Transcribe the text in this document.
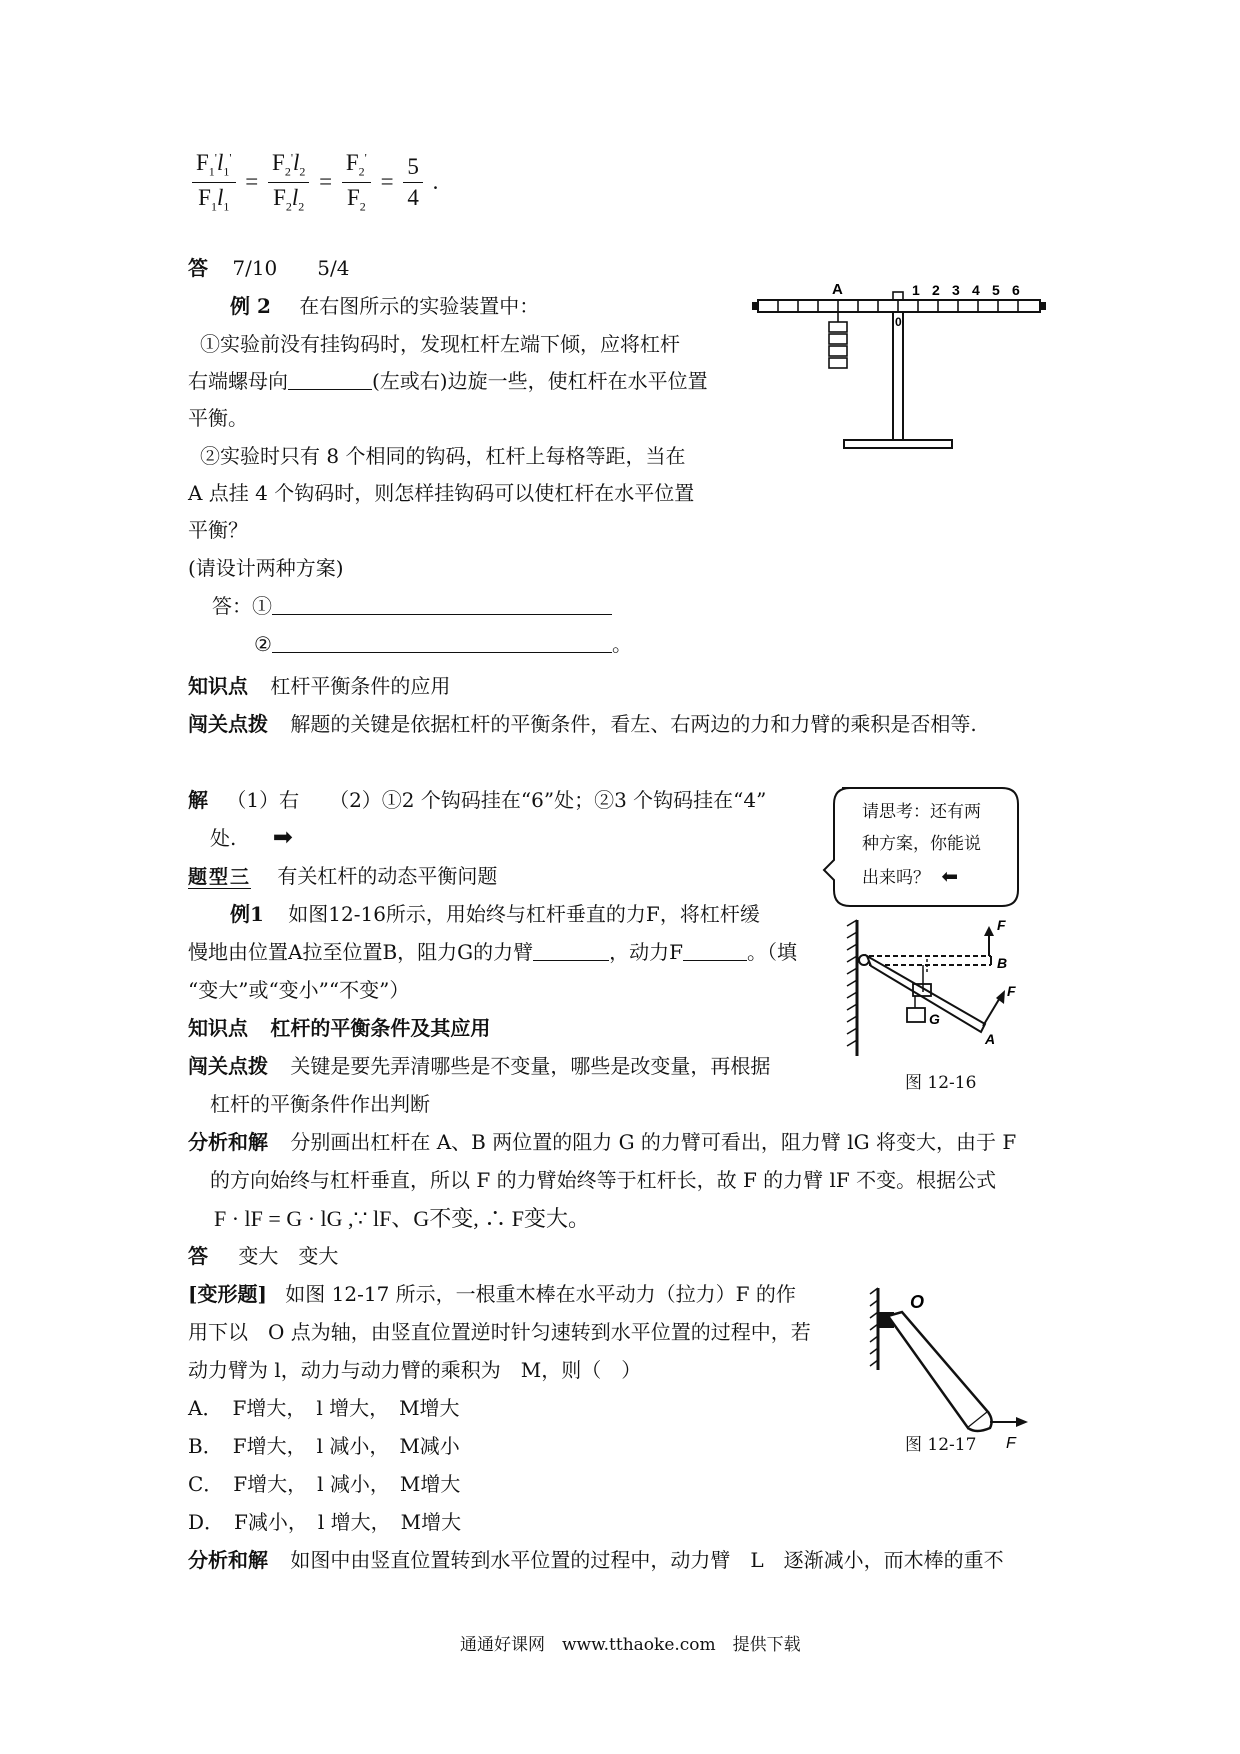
$\frac{F_1'l_1'}{F_1l_1} = \frac{F_2'l_2}{F_2l_2} = \frac{F_2'}{F_2} = \frac{5}{4}$ .
答 7/10　　5/4
例 2 在右图所示的实验装置中：
①实验前没有挂钩码时，发现杠杆左端下倾，应将杠杆
右端螺母向	(左或右)边旋一些，使杠杆在水平位置
平衡。
②实验时只有 8 个相同的钩码，杠杆上每格等距，当在
A 点挂 4 个钩码时，则怎样挂钩码可以使杠杆在水平位置
平衡？
(请设计两种方案)
答：①
②	。
A
0
1 2 3 4 5 6
知识点 杠杆平衡条件的应用
闯关点拨 解题的关键是依据杠杆的平衡条件，看左、右两边的力和力臂的乘积是否相等.
解 （1）右　　（2）①2 个钩码挂在“6”处；②3 个钩码挂在“4”
处. ➡
请思考：还有两
种方案，你能说
出来吗？ ⬅
题型三 有关杠杆的动态平衡问题
例1 如图12-16所示，用始终与杠杆垂直的力F，将杠杆缓
慢地由位置A拉至位置B，阻力G的力臂	，动力F	。（填
“变大”或“变小”“不变”）
F
B
F
G
A
图 12-16
知识点 杠杆的平衡条件及其应用
闯关点拨 关键是要先弄清哪些是不变量，哪些是改变量，再根据
杠杆的平衡条件作出判断
分析和解 分别画出杠杆在 A、B 两位置的阻力 G 的力臂可看出，阻力臂 lG 将变大，由于 F
的方向始终与杠杆垂直，所以 F 的力臂始终等于杠杆长，故 F 的力臂 lF 不变。根据公式
F · lF = G · lG ,∵ lF、G不变, ∴ F变大。
答 变大　变大
[变形题] 如图 12-17 所示，一根重木棒在水平动力（拉力）F 的作
用下以　O 点为轴，由竖直位置逆时针匀速转到水平位置的过程中，若
动力臂为 l，动力与动力臂的乘积为　M，则（　）
A．　F增大，　l 增大，　M增大
B．　F增大，　l 减小，　M减小
C．　F增大，　l 减小，　M增大
D．　F减小，　l 增大，　M增大
O
F
图 12-17
分析和解 如图中由竖直位置转到水平位置的过程中，动力臂　L　逐渐减小，而木棒的重不
通通好课网　www.tthaoke.com　提供下载
